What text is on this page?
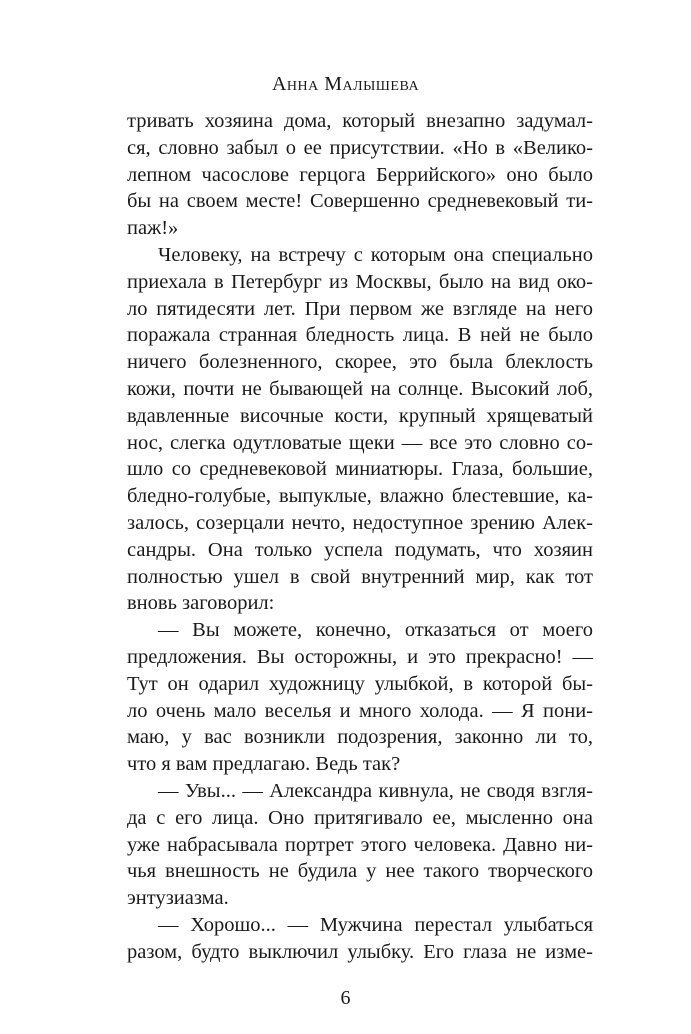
Анна Малышева
тривать хозяина дома, который внезапно задумал-
ся, словно забыл о ее присутствии. «Но в «Велико-
лепном часослове герцога Беррийского» оно было
бы на своем месте! Совершенно средневековый ти-
паж!»
Человеку, на встречу с которым она специально
приехала в Петербург из Москвы, было на вид око-
ло пятидесяти лет. При первом же взгляде на него
поражала странная бледность лица. В ней не было
ничего болезненного, скорее, это была блеклость
кожи, почти не бывающей на солнце. Высокий лоб,
вдавленные височные кости, крупный хрящеватый
нос, слегка одутловатые щеки — все это словно со-
шло со средневековой миниатюры. Глаза, большие,
бледно-голубые, выпуклые, влажно блестевшие, ка-
залось, созерцали нечто, недоступное зрению Алек-
сандры. Она только успела подумать, что хозяин
полностью ушел в свой внутренний мир, как тот
вновь заговорил:
— Вы можете, конечно, отказаться от моего
предложения. Вы осторожны, и это прекрасно! —
Тут он одарил художницу улыбкой, в которой бы-
ло очень мало веселья и много холода. — Я пони-
маю, у вас возникли подозрения, законно ли то,
что я вам предлагаю. Ведь так?
— Увы... — Александра кивнула, не сводя взгля-
да с его лица. Оно притягивало ее, мысленно она
уже набрасывала портрет этого человека. Давно ни-
чья внешность не будила у нее такого творческого
энтузиазма.
— Хорошо... — Мужчина перестал улыбаться
разом, будто выключил улыбку. Его глаза не изме-
6
